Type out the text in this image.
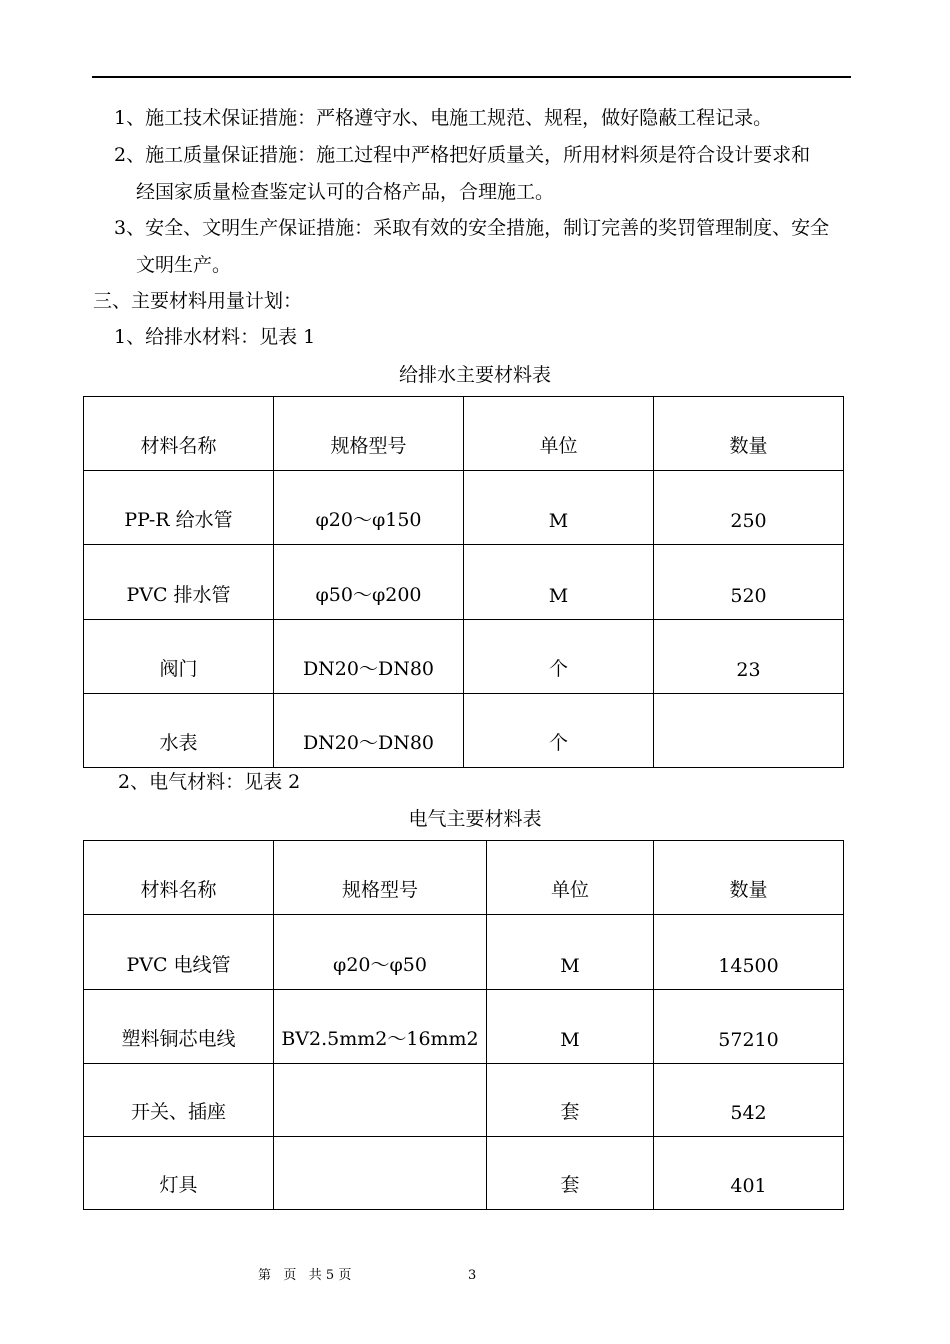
1、施工技术保证措施：严格遵守水、电施工规范、规程，做好隐蔽工程记录。
2、施工质量保证措施：施工过程中严格把好质量关，所用材料须是符合设计要求和
经国家质量检查鉴定认可的合格产品，合理施工。
3、安全、文明生产保证措施：采取有效的安全措施，制订完善的奖罚管理制度、安全
文明生产。
三、主要材料用量计划：
1、给排水材料：见表 1
给排水主要材料表
材料名称	规格型号	单位	数量
PP-R 给水管	φ20～φ150	M	250
PVC 排水管	φ50～φ200	M	520
阀门	DN20～DN80	个	23
水表	DN20～DN80	个	
2、电气材料：见表 2
电气主要材料表
材料名称	规格型号	单位	数量
PVC 电线管	φ20～φ50	M	14500
塑料铜芯电线	BV2.5mm2～16mm2	M	57210
开关、插座		套	542
灯具		套	401
第   页   共 5 页	3
